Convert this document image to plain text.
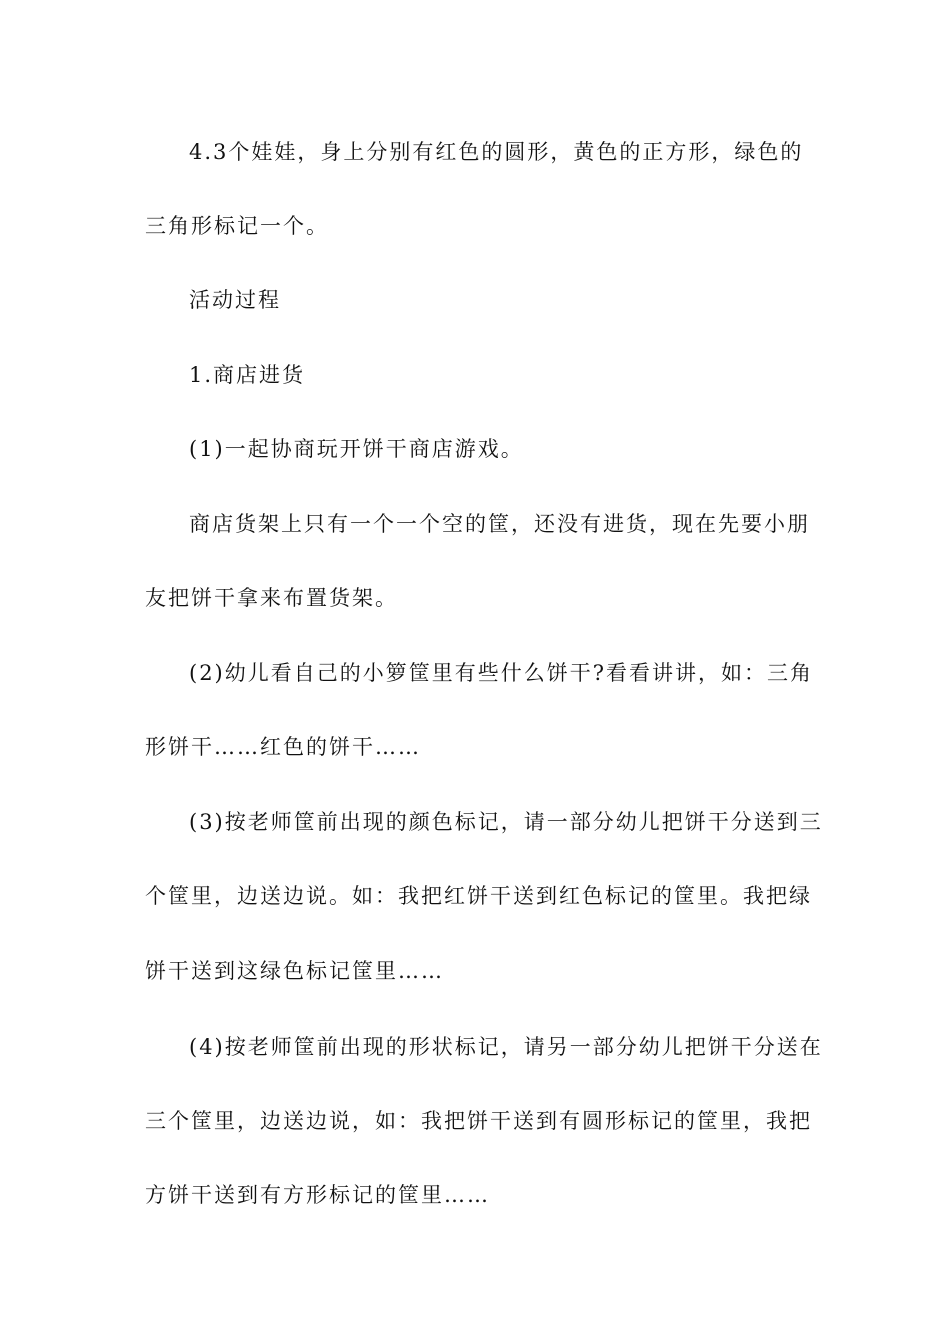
4.3个娃娃，身上分别有红色的圆形，黄色的正方形，绿色的
三角形标记一个。
活动过程
1.商店进货
(1)一起协商玩开饼干商店游戏。
商店货架上只有一个一个空的筐，还没有进货，现在先要小朋
友把饼干拿来布置货架。
(2)幼儿看自己的小箩筐里有些什么饼干?看看讲讲，如：三角
形饼干……红色的饼干……
(3)按老师筐前出现的颜色标记，请一部分幼儿把饼干分送到三
个筐里，边送边说。如：我把红饼干送到红色标记的筐里。我把绿
饼干送到这绿色标记筐里……
(4)按老师筐前出现的形状标记，请另一部分幼儿把饼干分送在
三个筐里，边送边说，如：我把饼干送到有圆形标记的筐里，我把
方饼干送到有方形标记的筐里……
